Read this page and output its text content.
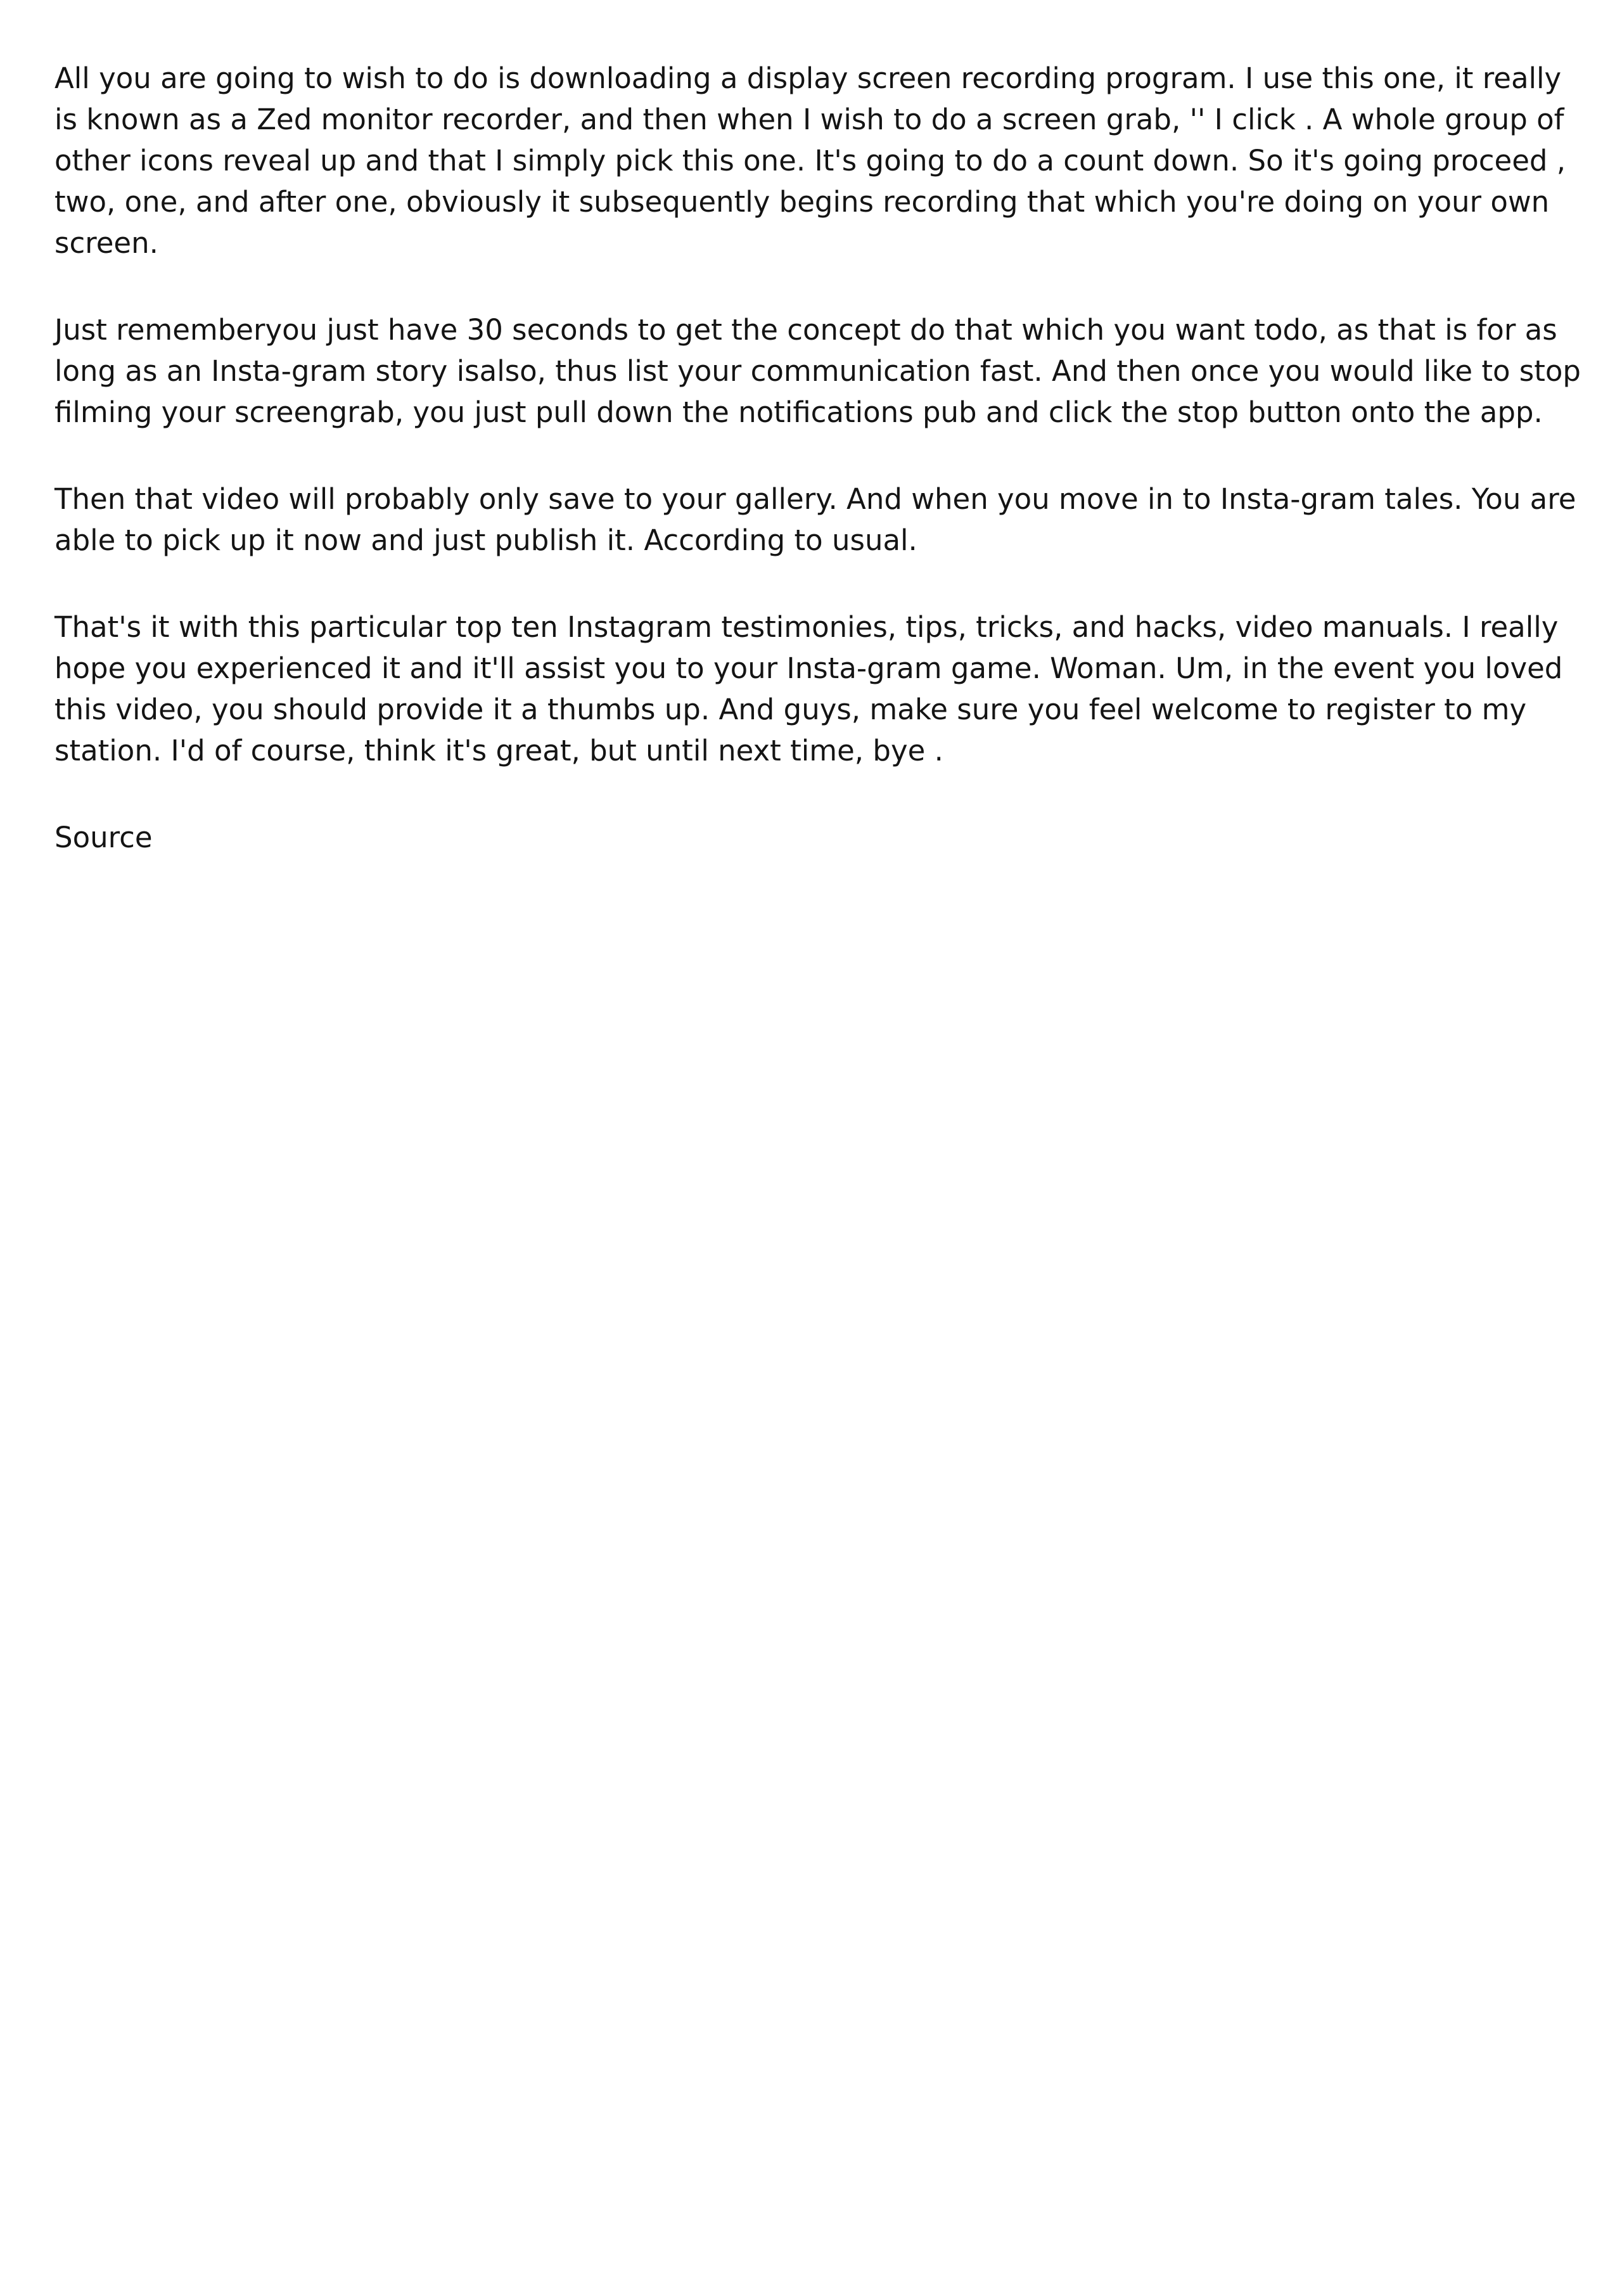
All you are going to wish to do is downloading a display screen recording program. I use this one, it really is known as a Zed monitor recorder, and then when I wish to do a screen grab, '' I click . A whole group of other icons reveal up and that I simply pick this one. It's going to do a count down. So it's going proceed , two, one, and after one, obviously it subsequently begins recording that which you're doing on your own screen.

Just rememberyou just have 30 seconds to get the concept do that which you want todo, as that is for as long as an Insta-gram story isalso, thus list your communication fast. And then once you would like to stop filming your screengrab, you just pull down the notifications pub and click the stop button onto the app.

Then that video will probably only save to your gallery. And when you move in to Insta-gram tales. You are able to pick up it now and just publish it. According to usual.

That's it with this particular top ten Instagram testimonies, tips, tricks, and hacks, video manuals. I really hope you experienced it and it'll assist you to your Insta-gram game. Woman. Um, in the event you loved this video, you should provide it a thumbs up. And guys, make sure you feel welcome to register to my station. I'd of course, think it's great, but until next time, bye .

Source
